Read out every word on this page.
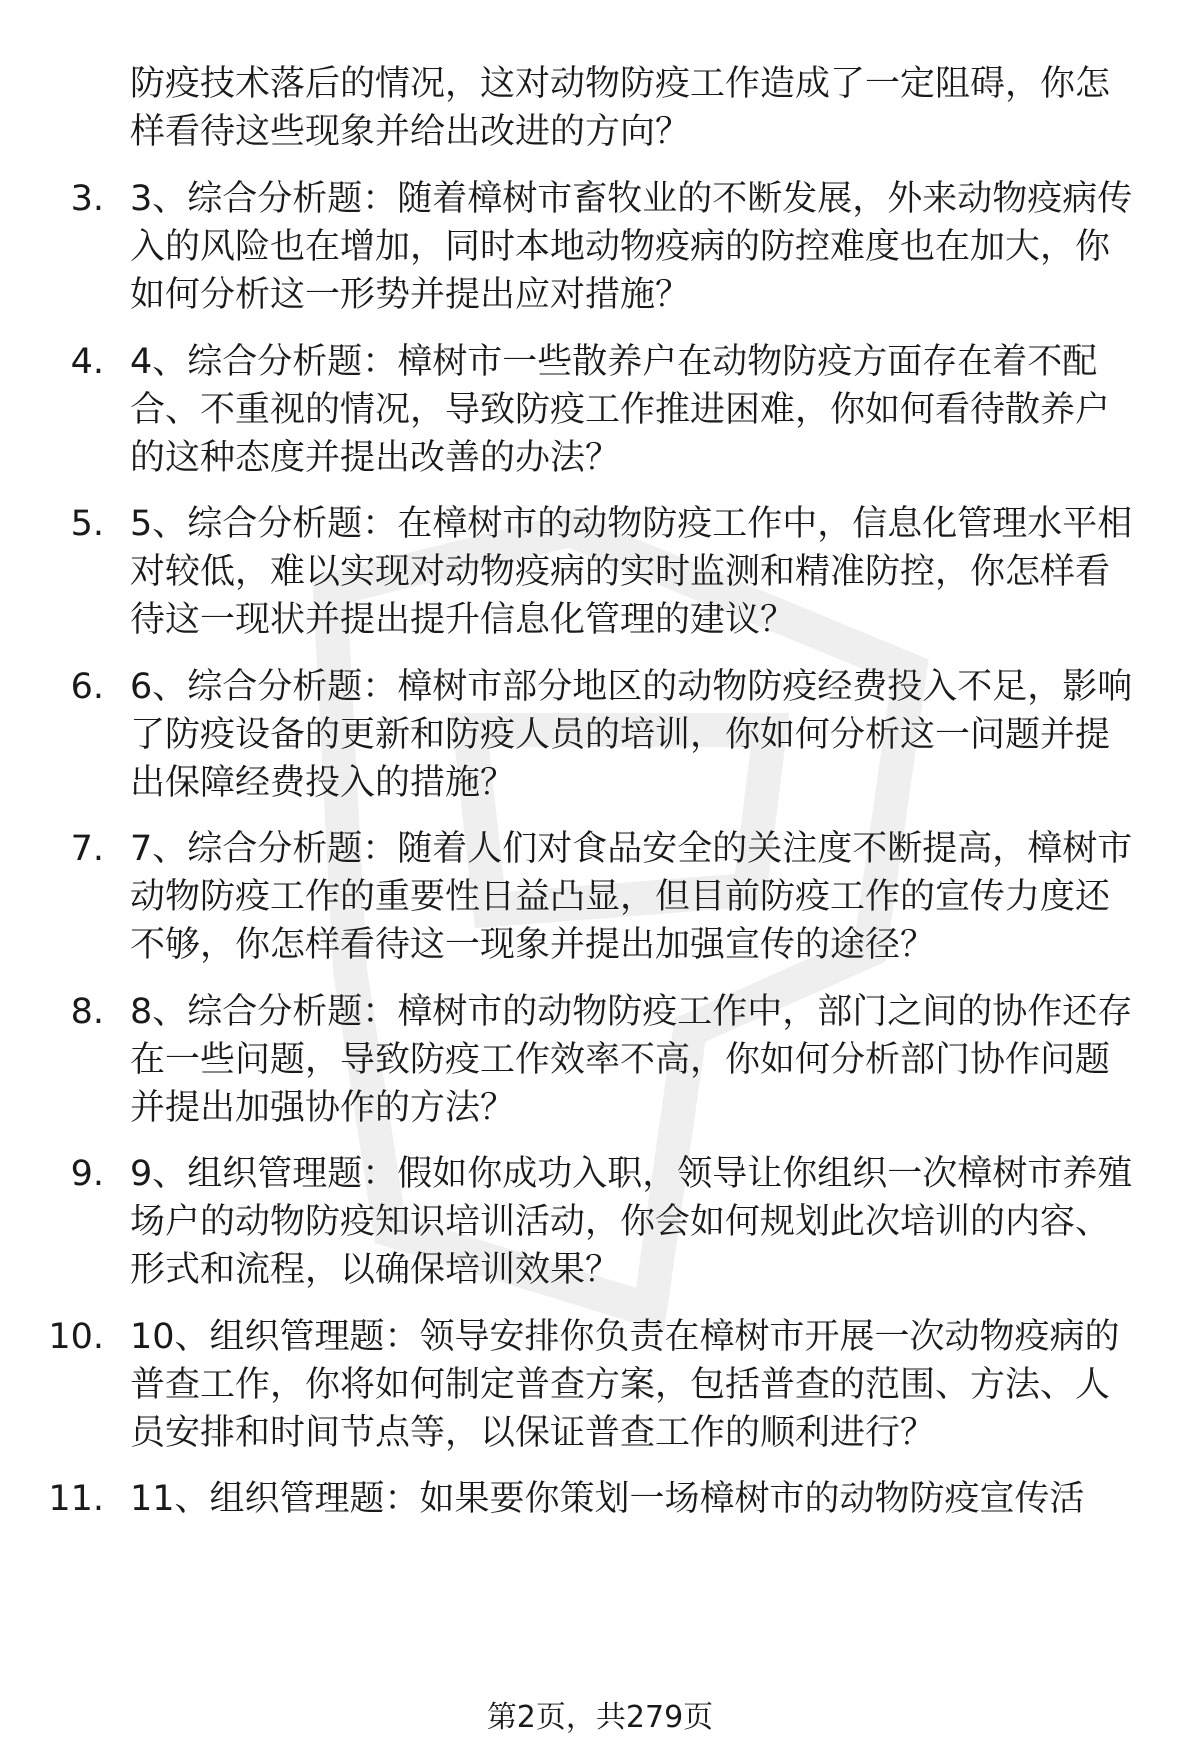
防疫技术落后的情况，这对动物防疫工作造成了一定阻碍，你怎样看待这些现象并给出改进的方向？
3. 3、综合分析题：随着樟树市畜牧业的不断发展，外来动物疫病传入的风险也在增加，同时本地动物疫病的防控难度也在加大，你如何分析这一形势并提出应对措施？
4. 4、综合分析题：樟树市一些散养户在动物防疫方面存在着不配合、不重视的情况，导致防疫工作推进困难，你如何看待散养户的这种态度并提出改善的办法？
5. 5、综合分析题：在樟树市的动物防疫工作中，信息化管理水平相对较低，难以实现对动物疫病的实时监测和精准防控，你怎样看待这一现状并提出提升信息化管理的建议？
6. 6、综合分析题：樟树市部分地区的动物防疫经费投入不足，影响了防疫设备的更新和防疫人员的培训，你如何分析这一问题并提出保障经费投入的措施？
7. 7、综合分析题：随着人们对食品安全的关注度不断提高，樟树市动物防疫工作的重要性日益凸显，但目前防疫工作的宣传力度还不够，你怎样看待这一现象并提出加强宣传的途径？
8. 8、综合分析题：樟树市的动物防疫工作中，部门之间的协作还存在一些问题，导致防疫工作效率不高，你如何分析部门协作问题并提出加强协作的方法？
9. 9、组织管理题：假如你成功入职，领导让你组织一次樟树市养殖场户的动物防疫知识培训活动，你会如何规划此次培训的内容、形式和流程，以确保培训效果？
10. 10、组织管理题：领导安排你负责在樟树市开展一次动物疫病的普查工作，你将如何制定普查方案，包括普查的范围、方法、人员安排和时间节点等，以保证普查工作的顺利进行？
11. 11、组织管理题：如果要你策划一场樟树市的动物防疫宣传活
第2页，共279页
